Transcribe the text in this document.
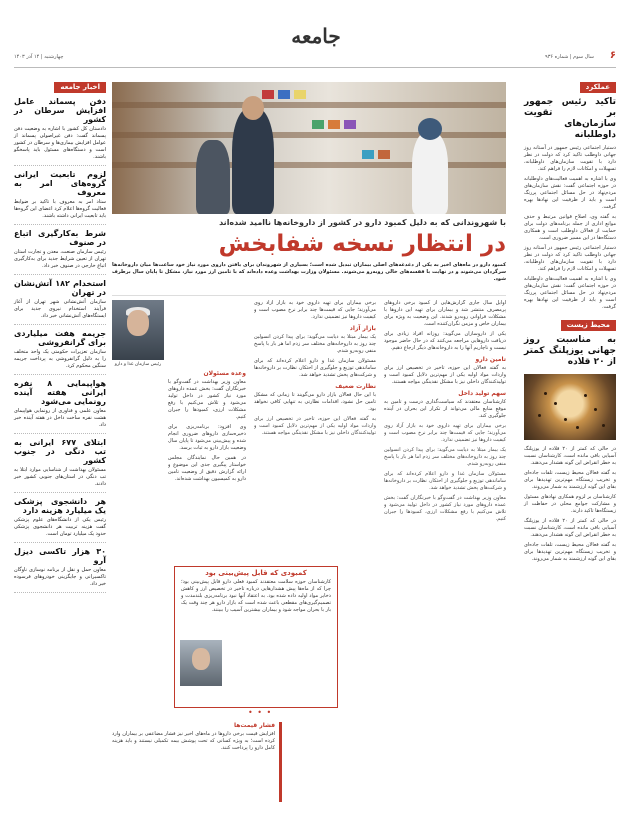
۶
سال سوم | شماره ۹۳۶
جامعه
چهارشنبه | ۱۴ آذر ۱۴۰۳
عملکرد
تاکید رئیس جمهور بر تقویت سازمان‌های داوطلبانه

دستیار اجتماعی رئیس جمهور در آستانه روز جهانی داوطلب تاکید کرد که دولت در نظر دارد با تقویت سازمان‌های داوطلبانه، تسهیلات و امکانات لازم را فراهم کند.

وی با اشاره به اهمیت فعالیت‌های داوطلبانه در حوزه اجتماعی گفت: نقش سازمان‌های مردم‌نهاد در حل مسائل اجتماعی پررنگ است و باید از ظرفیت این نهادها بهره گرفت.

به گفته وی، اصلاح قوانین مرتبط و حذف موانع اداری از جمله برنامه‌های دولت برای حمایت از فعالان داوطلب است و همکاری دستگاه‌ها در این مسیر ضروری است.

دستیار اجتماعی رئیس جمهور در آستانه روز جهانی داوطلب تاکید کرد که دولت در نظر دارد با تقویت سازمان‌های داوطلبانه، تسهیلات و امکانات لازم را فراهم کند.

وی با اشاره به اهمیت فعالیت‌های داوطلبانه در حوزه اجتماعی گفت: نقش سازمان‌های مردم‌نهاد در حل مسائل اجتماعی پررنگ است و باید از ظرفیت این نهادها بهره گرفت.

محیط زیست
به مناسبت روز جهانی یوزپلنگ کمتر از ۲۰ قلاده

در حالی که کمتر از ۲۰ قلاده از یوزپلنگ آسیایی باقی مانده است، کارشناسان نسبت به خطر انقراض این گونه هشدار می‌دهند.

به گفته فعالان محیط زیست، تلفات جاده‌ای و تخریب زیستگاه مهم‌ترین تهدیدها برای بقای این گونه ارزشمند به شمار می‌روند.

کارشناسان بر لزوم همکاری نهادهای مسئول و مشارکت جوامع محلی در حفاظت از زیستگاه‌ها تاکید دارند.

در حالی که کمتر از ۲۰ قلاده از یوزپلنگ آسیایی باقی مانده است، کارشناسان نسبت به خطر انقراض این گونه هشدار می‌دهند.

به گفته فعالان محیط زیست، تلفات جاده‌ای و تخریب زیستگاه مهم‌ترین تهدیدها برای بقای این گونه ارزشمند به شمار می‌روند.

اخبار جامعه
دفن پسماند عامل افزایش سرطان در کشور
دادستان کل کشور با اشاره به وضعیت دفن پسماند گفت: دفن غیراصولی پسماند از عوامل افزایش بیماری‌ها و سرطان در کشور است و دستگاه‌های مسئول باید پاسخگو باشند.
لزوم تابعیت ایرانی گروه‌های امر به معروف
ستاد امر به معروف با تاکید بر ضوابط فعالیت گروه‌ها اعلام کرد اعضای این گروه‌ها باید تابعیت ایرانی داشته باشند.
شرط به‌کارگیری اتباع در صنوف
رئیس سازمان صنعت، معدن و تجارت استان تهران از تعیین شرایط جدید برای به‌کارگیری اتباع خارجی در صنوف خبر داد.
استخدام ۱۸۲ آتش‌نشان در تهران
سازمان آتش‌نشانی شهر تهران از آغاز فرآیند استخدام نیروی جدید برای ایستگاه‌های آتش‌نشانی خبر داد.
جریمه هفت میلیاردی برای گرانفروشی
سازمان تعزیرات حکومتی یک واحد متخلف را به دلیل گرانفروشی به پرداخت جریمه سنگین محکوم کرد.
هواپیمایی ۸ نفره ایرانی هفته آینده رونمایی می‌شود
معاون علمی و فناوری از رونمایی هواپیمای هشت نفره ساخت داخل در هفته آینده خبر داد.
ابتلای ۶۷۷ ایرانی به تب دنگی در جنوب کشور
مسئولان بهداشت از شناسایی موارد ابتلا به تب دنگی در استان‌های جنوبی کشور خبر دادند.
هر دانشجوی پزشکی یک میلیارد هزینه دارد
رئیس یکی از دانشگاه‌های علوم پزشکی گفت هزینه تربیت هر دانشجوی پزشکی حدود یک میلیارد تومان است.
۳۰ هزار تاکسی دیزل آرو
معاون حمل و نقل از برنامه نوسازی ناوگان تاکسیرانی و جایگزینی خودروهای فرسوده خبر داد.
با شهروندانی که به دلیل کمبود دارو در کشور از داروخانه‌ها ناامید شده‌اند
در انتظار نسخه شفابخش
کمبود دارو در ماه‌های اخیر به یکی از دغدغه‌های اصلی بیماران تبدیل شده است؛ بسیاری از شهروندان برای یافتن داروی مورد نیاز خود ساعت‌ها میان داروخانه‌ها سرگردان می‌شوند و در نهایت با قفسه‌های خالی روبه‌رو می‌شوند. مسئولان وزارت بهداشت وعده داده‌اند که با تامین ارز مورد نیاز، مشکل تا پایان سال برطرف شود.

اوایل سال جاری گزارش‌هایی از کمبود برخی داروهای پرمصرف منتشر شد و بیماران برای تهیه این داروها با مشکلات فراوانی روبه‌رو شدند. این وضعیت به ویژه برای بیماران خاص و مزمن نگران‌کننده است.

یکی از داروسازان می‌گوید: روزانه افراد زیادی برای دریافت داروهایی مراجعه می‌کنند که در حال حاضر موجود نیست و ناچاریم آنها را به داروخانه‌های دیگر ارجاع دهیم.

تامین دارو

به گفته فعالان این حوزه، تاخیر در تخصیص ارز برای واردات مواد اولیه یکی از مهم‌ترین دلایل کمبود است و تولیدکنندگان داخلی نیز با مشکل نقدینگی مواجه هستند.

سهم تولید داخل

کارشناسان معتقدند که سیاست‌گذاری درست و تامین به موقع منابع مالی می‌تواند از تکرار این بحران در آینده جلوگیری کند.

برخی بیماران برای تهیه داروی خود به بازار آزاد روی می‌آورند؛ جایی که قیمت‌ها چند برابر نرخ مصوب است و کیفیت داروها نیز تضمینی ندارد.

یک بیمار مبتلا به دیابت می‌گوید: برای پیدا کردن انسولین چند روز به داروخانه‌های مختلف سر زدم اما هر بار با پاسخ منفی روبه‌رو شدم.

مسئولان سازمان غذا و دارو اعلام کرده‌اند که برای ساماندهی توزیع و جلوگیری از احتکار، نظارت بر داروخانه‌ها و شرکت‌های پخش تشدید خواهد شد.

معاون وزیر بهداشت در گفت‌وگو با خبرنگاران گفت: بخش عمده داروهای مورد نیاز کشور در داخل تولید می‌شود و تلاش می‌کنیم با رفع مشکلات ارزی، کمبودها را جبران کنیم.

برخی بیماران برای تهیه داروی خود به بازار آزاد روی می‌آورند؛ جایی که قیمت‌ها چند برابر نرخ مصوب است و کیفیت داروها نیز تضمینی ندارد.

بازار آزاد

یک بیمار مبتلا به دیابت می‌گوید: برای پیدا کردن انسولین چند روز به داروخانه‌های مختلف سر زدم اما هر بار با پاسخ منفی روبه‌رو شدم.

مسئولان سازمان غذا و دارو اعلام کرده‌اند که برای ساماندهی توزیع و جلوگیری از احتکار، نظارت بر داروخانه‌ها و شرکت‌های پخش تشدید خواهد شد.

نظارت ضعیف

با این حال فعالان بازار دارو می‌گویند تا زمانی که مشکل تامین حل نشود، اقدامات نظارتی به تنهایی کافی نخواهد بود.

به گفته فعالان این حوزه، تاخیر در تخصیص ارز برای واردات مواد اولیه یکی از مهم‌ترین دلایل کمبود است و تولیدکنندگان داخلی نیز با مشکل نقدینگی مواجه هستند.

وعده مسئولان

معاون وزیر بهداشت در گفت‌وگو با خبرنگاران گفت: بخش عمده داروهای مورد نیاز کشور در داخل تولید می‌شود و تلاش می‌کنیم با رفع مشکلات ارزی، کمبودها را جبران کنیم.

وی افزود: برنامه‌ریزی برای ذخیره‌سازی داروهای ضروری انجام شده و پیش‌بینی می‌شود تا پایان سال وضعیت بازار دارو به ثبات برسد.

در همین حال نمایندگان مجلس خواستار پیگیری جدی این موضوع و ارائه گزارش دقیق از وضعیت تامین دارو به کمیسیون بهداشت شده‌اند.

رئیس سازمان غذا و دارو
کارشناسان حوزه سلامت معتقدند کمبود فعلی دارو قابل پیش‌بینی بود؛ چرا که از ماه‌ها پیش هشدارهایی درباره تاخیر در تخصیص ارز و کاهش ذخایر مواد اولیه داده شده بود. به اعتقاد آنها نبود برنامه‌ریزی بلندمدت و تصمیم‌گیری‌های مقطعی باعث شده است که بازار دارو هر چند وقت یک بار با بحران مواجه شود و بیماران بیشترین آسیب را ببینند.
کمبودی که قابل پیش‌بینی بود
• • •
فشار قیمت‌ها
افزایش قیمت برخی داروها در ماه‌های اخیر نیز فشار مضاعفی بر بیماران وارد کرده است؛ به ویژه کسانی که تحت پوشش بیمه تکمیلی نیستند و باید هزینه کامل دارو را پرداخت کنند.
